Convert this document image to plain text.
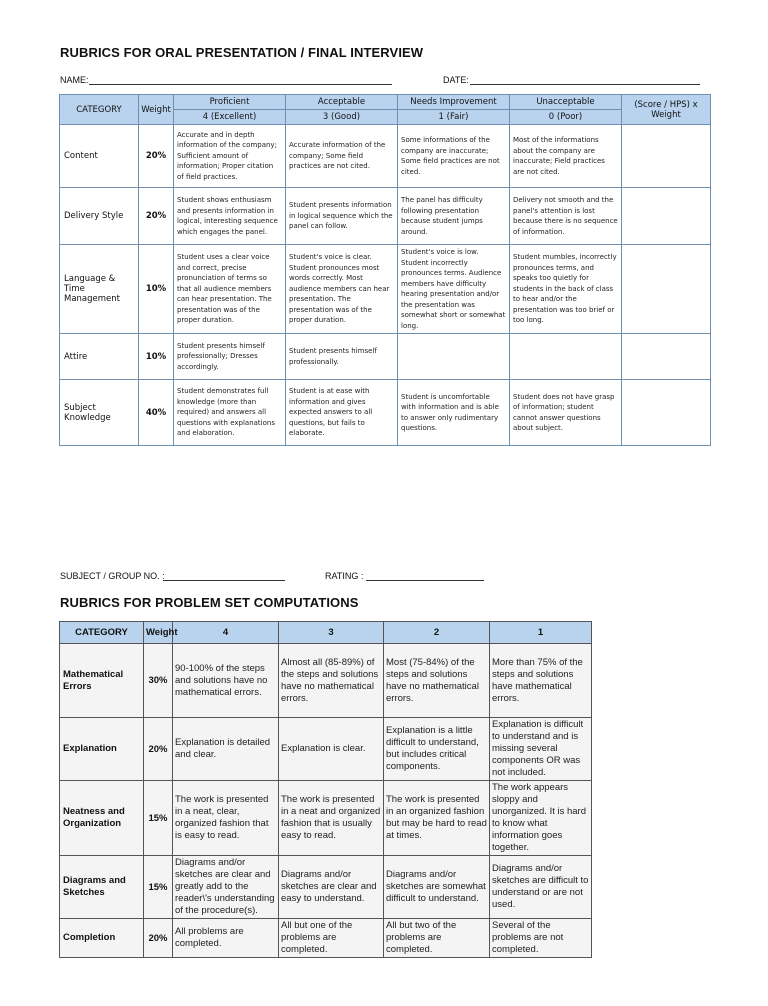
RUBRICS FOR ORAL PRESENTATION / FINAL INTERVIEW
NAME:	DATE:
CATEGORY	Weight	Proficient	Acceptable	Needs Improvement	Unacceptable	(Score / HPS) x Weight
		4 (Excellent)	3 (Good)	1 (Fair)	0 (Poor)	
Content	20%	Accurate and in depth information of the company; Sufficient amount of information; Proper citation of field practices.	Accurate information of the company; Some field practices are not cited.	Some informations of the company are inaccurate; Some field practices are not cited.	Most of the informations about the company are inaccurate; Field practices are not cited.	
Delivery Style	20%	Student shows enthusiasm and presents information in logical, interesting sequence which engages the panel.	Student presents information in logical sequence which the panel can follow.	The panel has difficulty following presentation because student jumps around.	Delivery not smooth and the panel's attention is lost because there is no sequence of information.	
Language & Time Management	10%	Student uses a clear voice and correct, precise pronunciation of terms so that all audience members can hear presentation. The presentation was of the proper duration.	Student's voice is clear. Student pronounces most words correctly. Most audience members can hear presentation. The presentation was of the proper duration.	Student's voice is low. Student incorrectly pronounces terms. Audience members have difficulty hearing presentation and/or the presentation was somewhat short or somewhat long.	Student mumbles, incorrectly pronounces terms, and speaks too quietly for students in the back of class to hear and/or the presentation was too brief or too long.	
Attire	10%	Student presents himself professionally; Dresses accordingly.	Student presents himself professionally.			
Subject Knowledge	40%	Student demonstrates full knowledge (more than required) and answers all questions with explanations and elaboration.	Student is at ease with information and gives expected answers to all questions, but fails to elaborate.	Student is uncomfortable with information and is able to answer only rudimentary questions.	Student does not have grasp of information; student cannot answer questions about subject.	
SUBJECT / GROUP NO. :	RATING :
RUBRICS FOR PROBLEM SET COMPUTATIONS
CATEGORY	Weight	4	3	2	1
Mathematical Errors	30%	90-100% of the steps and solutions have no mathematical errors.	Almost all (85-89%) of the steps and solutions have no mathematical errors.	Most (75-84%) of the steps and solutions have no mathematical errors.	More than 75% of the steps and solutions have mathematical errors.
Explanation	20%	Explanation is detailed and clear.	Explanation is clear.	Explanation is a little difficult to understand, but includes critical components.	Explanation is difficult to understand and is missing several components OR was not included.
Neatness and Organization	15%	The work is presented in a neat, clear, organized fashion that is easy to read.	The work is presented in a neat and organized fashion that is usually easy to read.	The work is presented in an organized fashion but may be hard to read at times.	The work appears sloppy and unorganized. It is hard to know what information goes together.
Diagrams and Sketches	15%	Diagrams and/or sketches are clear and greatly add to the reader\'s understanding of the procedure(s).	Diagrams and/or sketches are clear and easy to understand.	Diagrams and/or sketches are somewhat difficult to understand.	Diagrams and/or sketches are difficult to understand or are not used.
Completion	20%	All problems are completed.	All but one of the problems are completed.	All but two of the problems are completed.	Several of the problems are not completed.
